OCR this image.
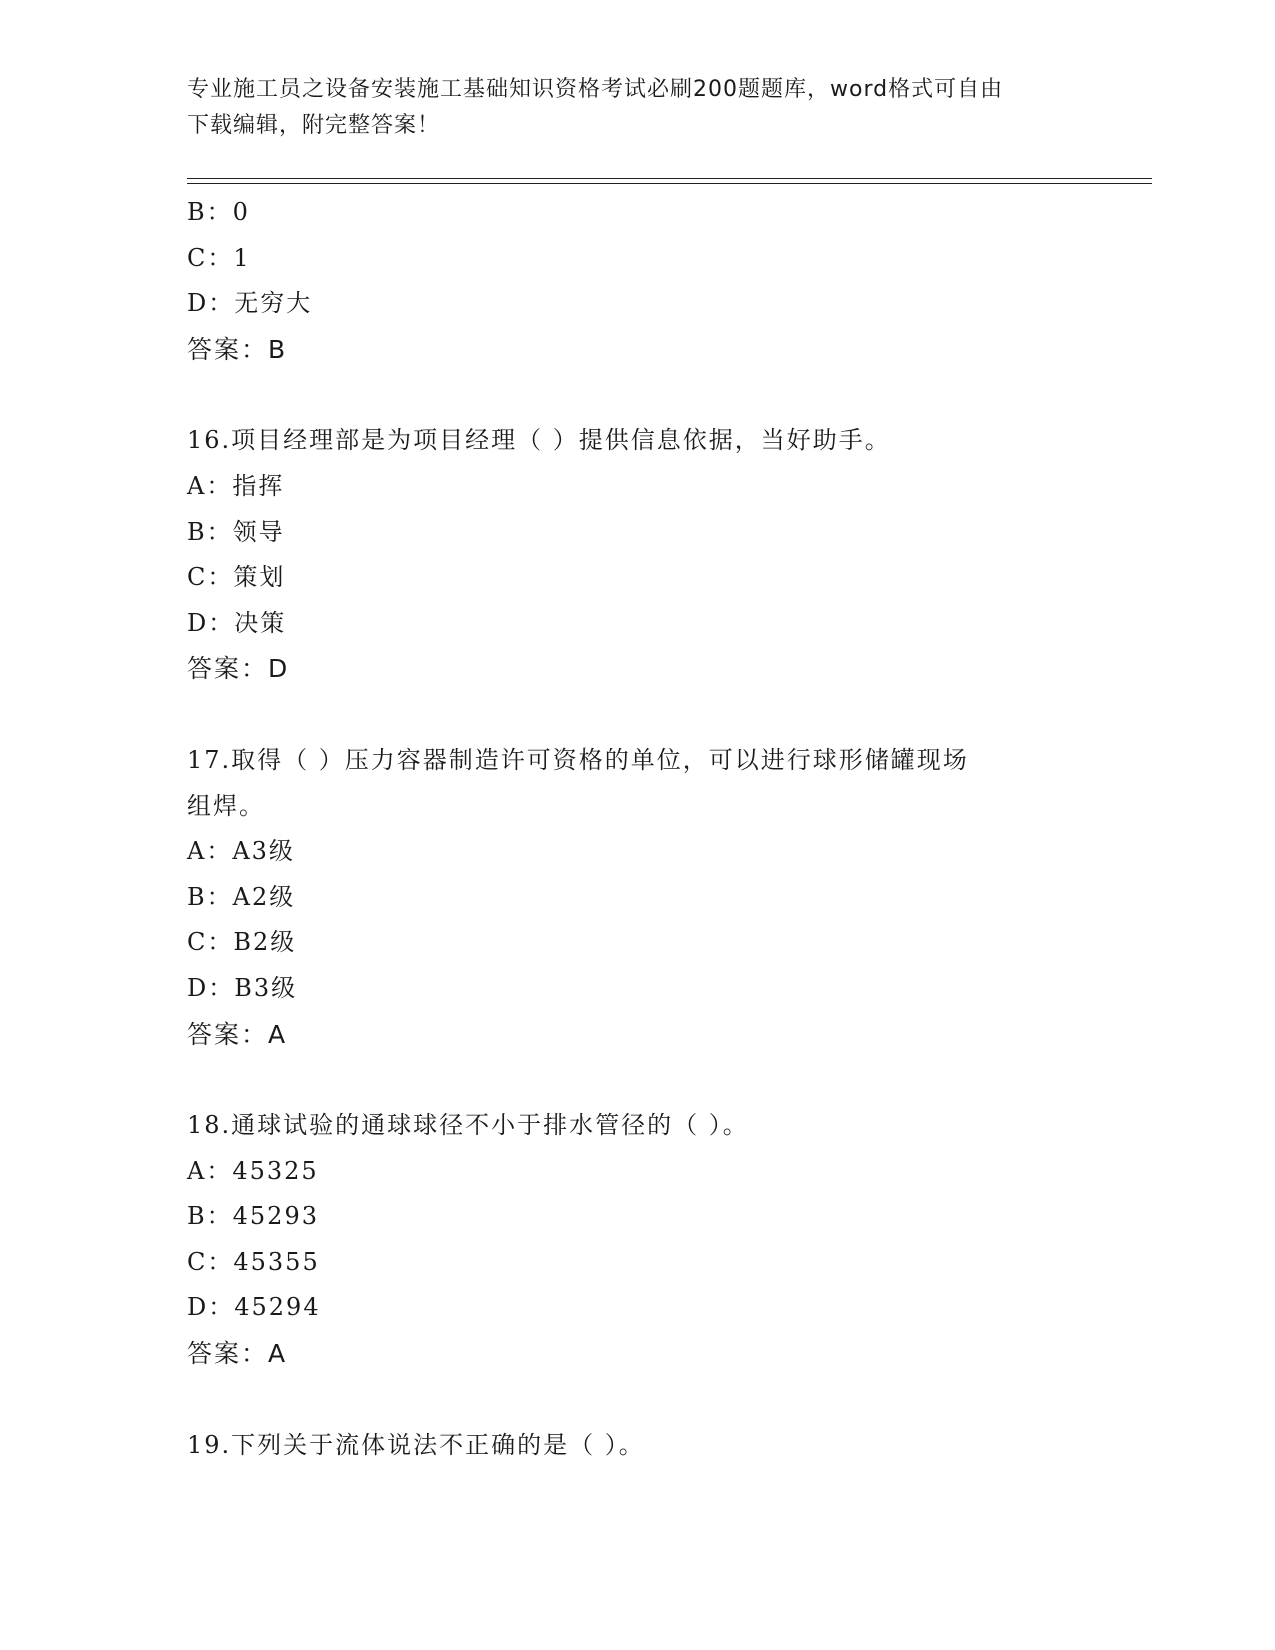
专业施工员之设备安装施工基础知识资格考试必刷200题题库，word格式可自由
下载编辑，附完整答案！
B：0
C：1
D：无穷大
答案：B
16.项目经理部是为项目经理（ ）提供信息依据，当好助手。
A：指挥
B：领导
C：策划
D：决策
答案：D
17.取得（ ）压力容器制造许可资格的单位，可以进行球形储罐现场
组焊。
A：A3级
B：A2级
C：B2级
D：B3级
答案：A
18.通球试验的通球球径不小于排水管径的（ ）。
A：45325
B：45293
C：45355
D：45294
答案：A
19.下列关于流体说法不正确的是（ ）。
